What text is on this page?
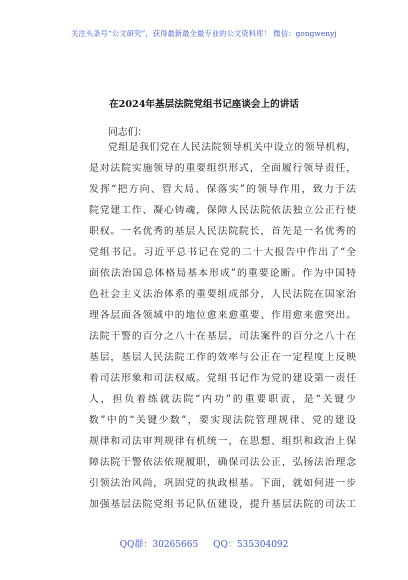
关注头条号“公文研究”，获得最新最全最专业的公文资料库！ 微信：gongwenyj
在2024年基层法院党组书记座谈会上的讲话
同志们：
党组是我们党在人民法院领导机关中设立的领导机构，
是对法院实施领导的重要组织形式，全面履行领导责任，
发挥“把方向、管大局、保落实”的领导作用，致力于法
院党建工作、凝心铸魂，保障人民法院依法独立公正行使
职权。一名优秀的基层人民法院院长，首先是一名优秀的
党组书记。习近平总书记在党的二十大报告中作出了“全
面依法治国总体格局基本形成”的重要论断。作为中国特
色社会主义法治体系的重要组成部分，人民法院在国家治
理各层面各领域中的地位愈来愈重要、作用愈来愈突出。
法院干警的百分之八十在基层，司法案件的百分之八十在
基层，基层人民法院工作的效率与公正在一定程度上反映
着司法形象和司法权威。党组书记作为党的建设第一责任
人，担负着练就法院“内功”的重要职责，是“关键少
数”中的“关键少数”，要实现法院管理规律、党的建设
规律和司法审判规律有机统一，在思想、组织和政治上保
障法院干警依法依规履职，确保司法公正，弘扬法治理念
引领法治风尚，巩固党的执政根基。下面，就如何进一步
加强基层法院党组书记队伍建设，提升基层法院的司法工
QQ群：30265665 QQ：535304092
